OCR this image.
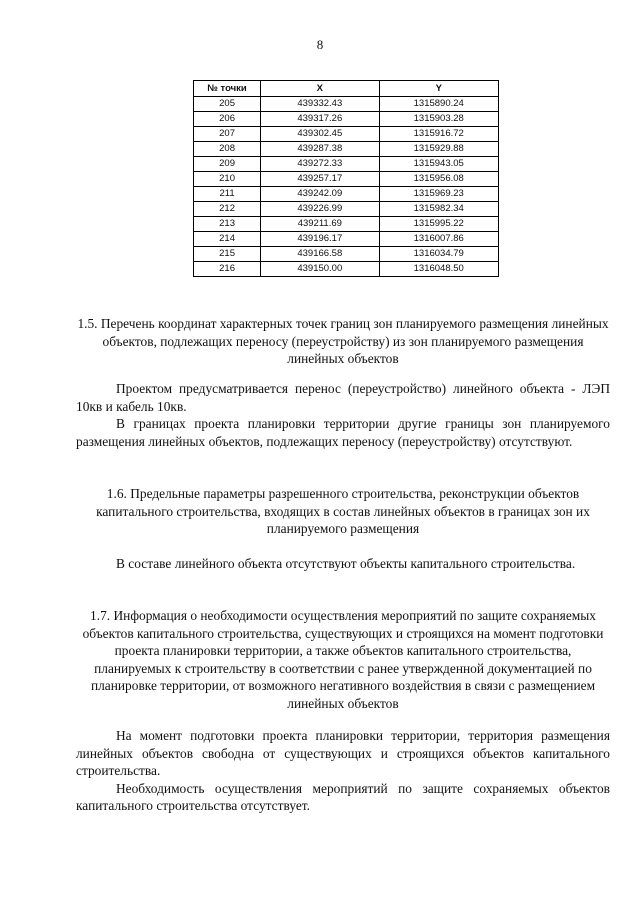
8
№ точки	X	Y
205	439332.43	1315890.24
206	439317.26	1315903.28
207	439302.45	1315916.72
208	439287.38	1315929.88
209	439272.33	1315943.05
210	439257.17	1315956.08
211	439242.09	1315969.23
212	439226.99	1315982.34
213	439211.69	1315995.22
214	439196.17	1316007.86
215	439166.58	1316034.79
216	439150.00	1316048.50
1.5. Перечень координат характерных точек границ зон планируемого размещения линейных объектов, подлежащих переносу (переустройству) из зон планируемого размещения линейных объектов

Проектом предусматривается перенос (переустройство) линейного объекта - ЛЭП 10кв и кабель 10кв.

В границах проекта планировки территории другие границы зон планируемого размещения линейных объектов, подлежащих переносу (переустройству) отсутствуют.

1.6. Предельные параметры разрешенного строительства, реконструкции объектов капитального строительства, входящих в состав линейных объектов в границах зон их планируемого размещения

В составе линейного объекта отсутствуют объекты капитального строительства.

1.7. Информация о необходимости осуществления мероприятий по защите сохраняемых объектов капитального строительства, существующих и строящихся на момент подготовки проекта планировки территории, а также объектов капитального строительства, планируемых к строительству в соответствии с ранее утвержденной документацией по планировке территории, от возможного негативного воздействия в связи с размещением линейных объектов

На момент подготовки проекта планировки территории, территория размещения линейных объектов свободна от существующих и строящихся объектов капитального строительства.

Необходимость осуществления мероприятий по защите сохраняемых объектов капитального строительства отсутствует.
